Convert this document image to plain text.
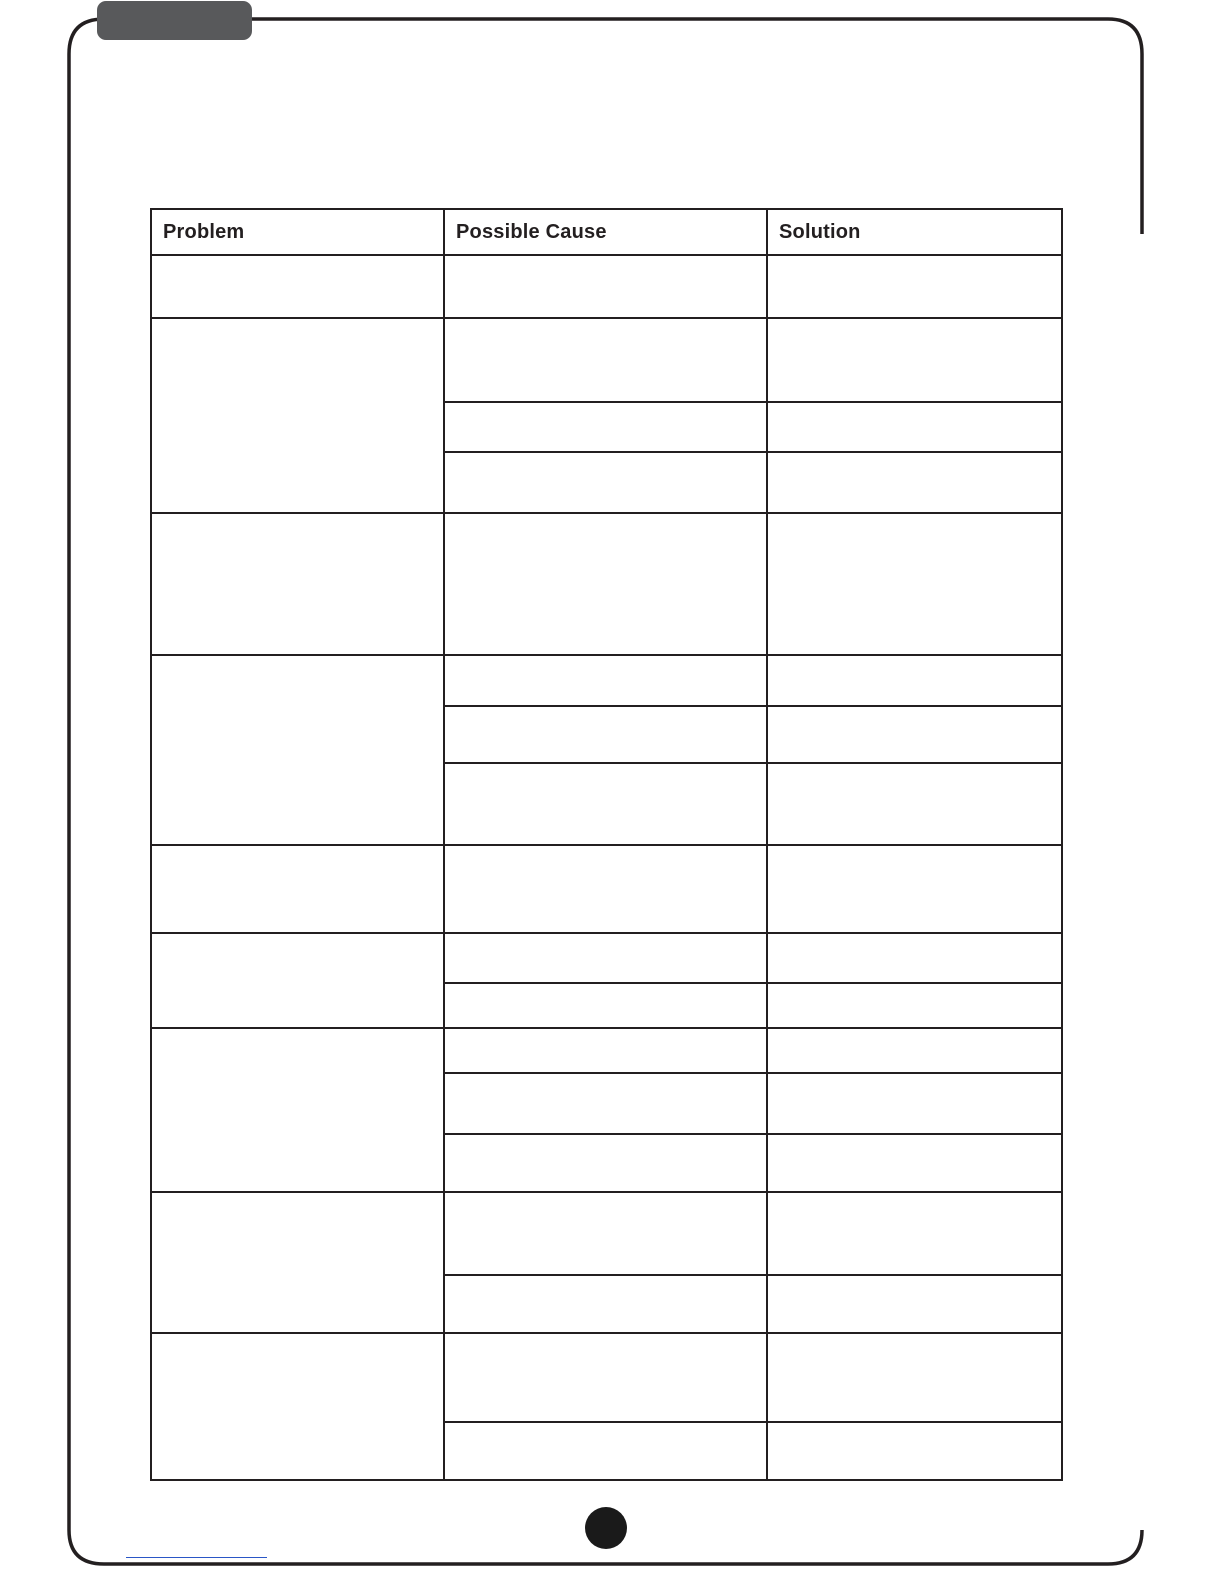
Problem	Possible Cause	Solution
